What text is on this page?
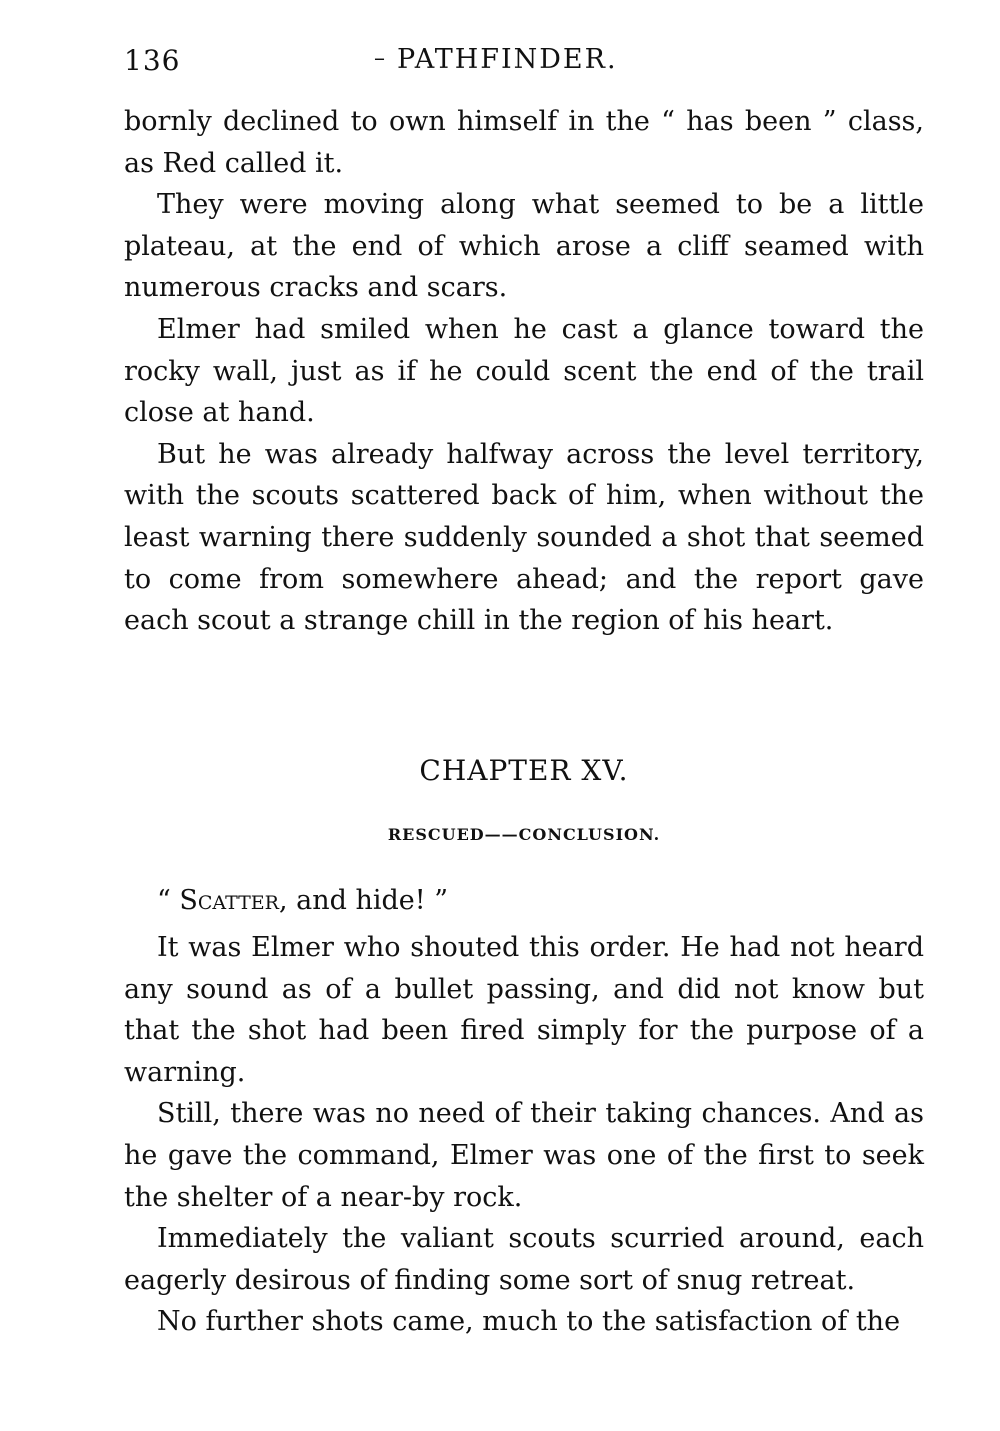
136	– PATHFINDER.

bornly declined to own himself in the “ has been ” class, as Red called it.

They were moving along what seemed to be a little plateau, at the end of which arose a cliff seamed with numerous cracks and scars.

Elmer had smiled when he cast a glance toward the rocky wall, just as if he could scent the end of the trail close at hand.

But he was already halfway across the level territory, with the scouts scattered back of him, when without the least warning there suddenly sounded a shot that seemed to come from somewhere ahead; and the report gave each scout a strange chill in the region of his heart.

CHAPTER XV.
RESCUED——CONCLUSION.
“ Scatter, and hide! ”

It was Elmer who shouted this order. He had not heard any sound as of a bullet passing, and did not know but that the shot had been fired simply for the purpose of a warning.

Still, there was no need of their taking chances. And as he gave the command, Elmer was one of the first to seek the shelter of a near-by rock.

Immediately the valiant scouts scurried around, each eagerly desirous of finding some sort of snug retreat.

No further shots came, much to the satisfaction of the
